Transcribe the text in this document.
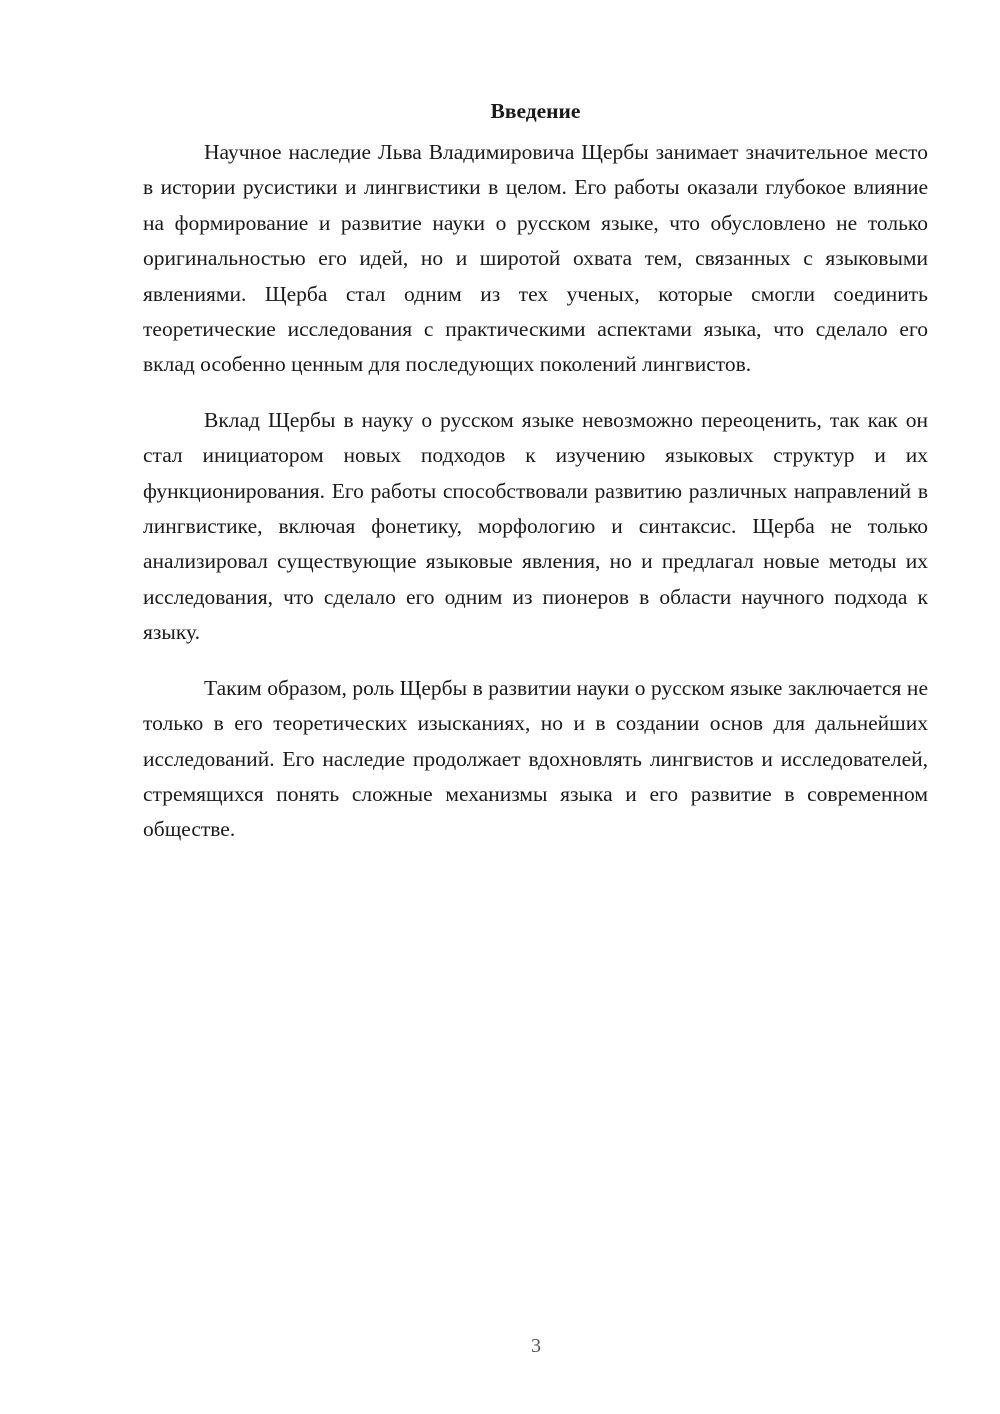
Введение

Научное наследие Льва Владимировича Щербы занимает значительное место в истории русистики и лингвистики в целом. Его работы оказали глубокое влияние на формирование и развитие науки о русском языке, что обусловлено не только оригинальностью его идей, но и широтой охвата тем, связанных с языковыми явлениями. Щерба стал одним из тех ученых, которые смогли соединить теоретические исследования с практическими аспектами языка, что сделало его вклад особенно ценным для последующих поколений лингвистов.

Вклад Щербы в науку о русском языке невозможно переоценить, так как он стал инициатором новых подходов к изучению языковых структур и их функционирования. Его работы способствовали развитию различных направлений в лингвистике, включая фонетику, морфологию и синтаксис. Щерба не только анализировал существующие языковые явления, но и предлагал новые методы их исследования, что сделало его одним из пионеров в области научного подхода к языку.

Таким образом, роль Щербы в развитии науки о русском языке заключается не только в его теоретических изысканиях, но и в создании основ для дальнейших исследований. Его наследие продолжает вдохновлять лингвистов и исследователей, стремящихся понять сложные механизмы языка и его развитие в современном обществе.

3
